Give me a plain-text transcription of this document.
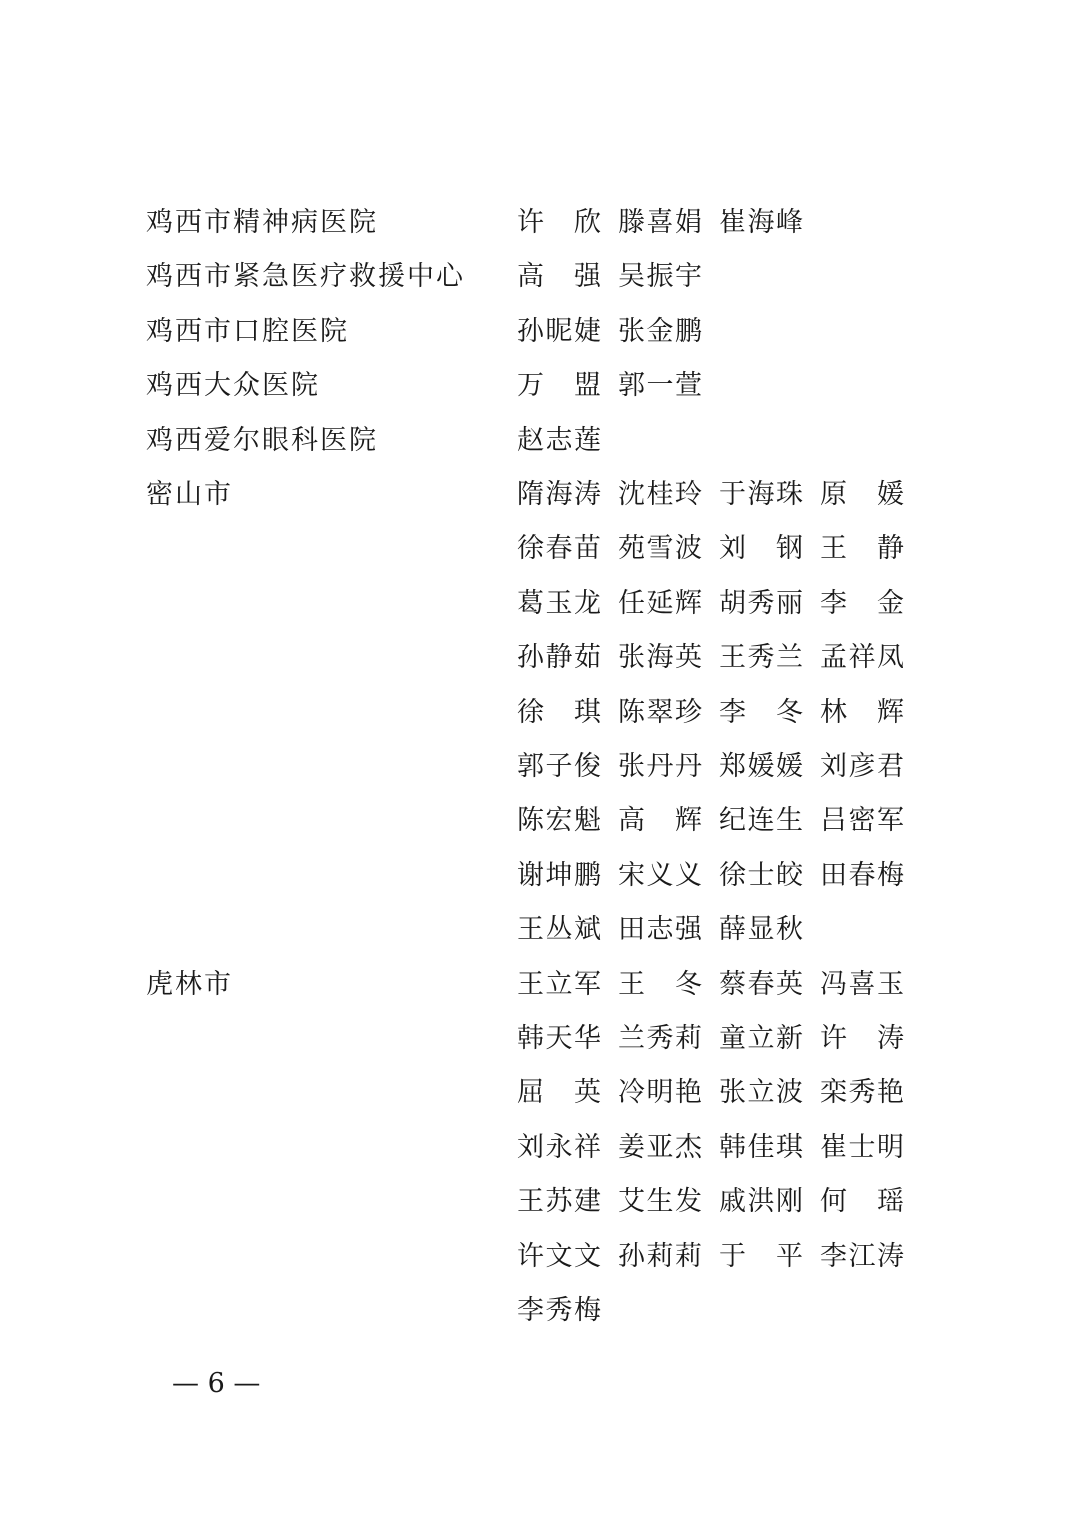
鸡西市精神病医院	许 欣 滕 喜 娟 崔 海 峰
鸡西市紧急医疗救援中心 高 强 吴 振 宇
鸡西市口腔医院	孙 昵 婕 张 金 鹏
鸡西大众医院	万 盟 郭 一 萱
鸡西爱尔眼科医院	赵 志 莲
密山市	隋 海 涛 沈 桂 玲 于 海 珠 原 媛
徐 春 苗 苑 雪 波 刘 钢 王 静
葛 玉 龙 任 延 辉 胡 秀 丽 李 金
孙 静 茹 张 海 英 王 秀 兰 孟 祥 凤
徐 琪 陈 翠 珍 李 冬 林 辉
郭 子 俊 张 丹 丹 郑 媛 媛 刘 彦 君
陈 宏 魁 高 辉 纪 连 生 吕 密 军
谢 坤 鹏 宋 义 义 徐 士 皎 田 春 梅
王 丛 斌 田 志 强 薛 显 秋
虎林市	王 立 军 王 冬 蔡 春 英 冯 喜 玉
韩 天 华 兰 秀 莉 童 立 新 许 涛
屈 英 冷 明 艳 张 立 波 栾 秀 艳
刘 永 祥 姜 亚 杰 韩 佳 琪 崔 士 明
王 苏 建 艾 生 发 戚 洪 刚 何 瑶
许 文 文 孙 莉 莉 于 平 李 江 涛
李 秀 梅
— 6 —
